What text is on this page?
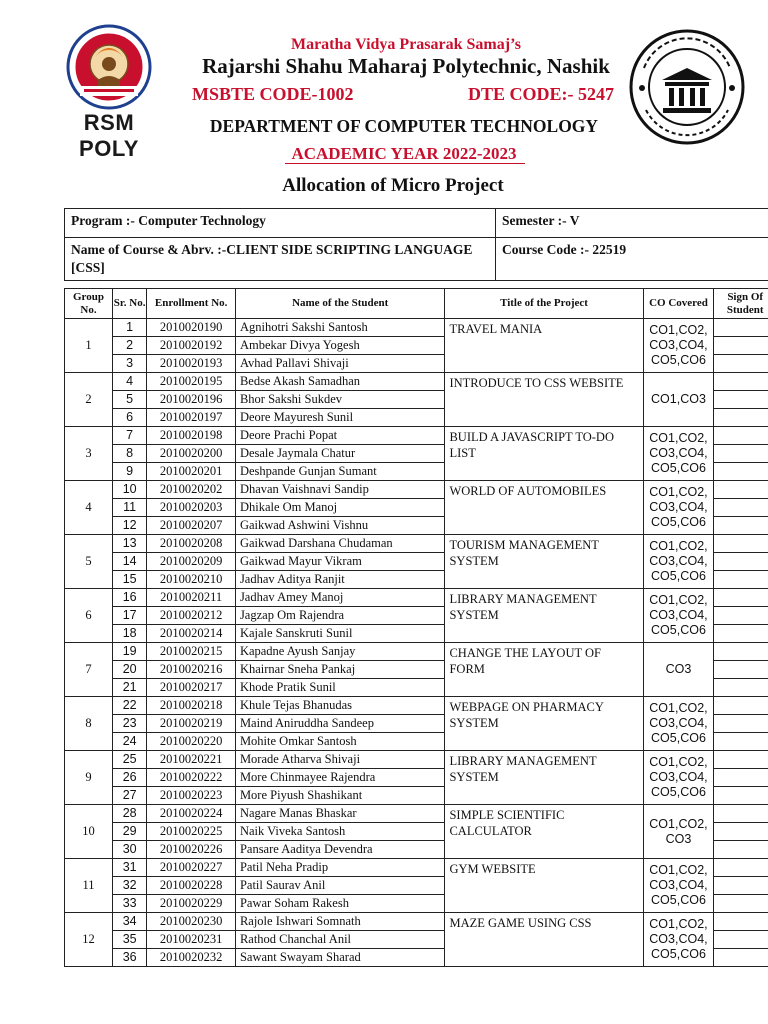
RSM POLY
Maratha Vidya Prasarak Samaj’s
Rajarshi Shahu Maharaj Polytechnic, Nashik
MSBTE CODE-1002	DTE CODE:- 5247
DEPARTMENT OF COMPUTER TECHNOLOGY
ACADEMIC YEAR 2022-2023
Allocation of Micro Project
Program :- Computer Technology	Semester :- V
Name of Course & Abrv. :-CLIENT SIDE SCRIPTING LANGUAGE [CSS]	Course Code :- 22519
Group No.	Sr. No.	Enrollment No.	Name of the Student	Title of the Project	CO Covered	Sign Of Student
1	1	2010020190	Agnihotri Sakshi Santosh	TRAVEL MANIA	CO1,CO2, CO3,CO4, CO5,CO6	
	2	2010020192	Ambekar Divya Yogesh			
	3	2010020193	Avhad Pallavi Shivaji			
2	4	2010020195	Bedse Akash Samadhan	INTRODUCE TO CSS WEBSITE	CO1,CO3	
	5	2010020196	Bhor Sakshi Sukdev			
	6	2010020197	Deore Mayuresh Sunil			
3	7	2010020198	Deore Prachi Popat	BUILD A JAVASCRIPT TO-DO LIST	CO1,CO2, CO3,CO4, CO5,CO6	
	8	2010020200	Desale Jaymala Chatur			
	9	2010020201	Deshpande Gunjan Sumant			
4	10	2010020202	Dhavan Vaishnavi Sandip	WORLD OF AUTOMOBILES	CO1,CO2, CO3,CO4, CO5,CO6	
	11	2010020203	Dhikale Om Manoj			
	12	2010020207	Gaikwad Ashwini Vishnu			
5	13	2010020208	Gaikwad Darshana Chudaman	TOURISM MANAGEMENT SYSTEM	CO1,CO2, CO3,CO4, CO5,CO6	
	14	2010020209	Gaikwad Mayur Vikram			
	15	2010020210	Jadhav Aditya Ranjit			
6	16	2010020211	Jadhav Amey Manoj	LIBRARY MANAGEMENT SYSTEM	CO1,CO2, CO3,CO4, CO5,CO6	
	17	2010020212	Jagzap Om Rajendra			
	18	2010020214	Kajale Sanskruti Sunil			
7	19	2010020215	Kapadne Ayush Sanjay	CHANGE THE LAYOUT OF FORM	CO3	
	20	2010020216	Khairnar Sneha Pankaj			
	21	2010020217	Khode Pratik Sunil			
8	22	2010020218	Khule Tejas Bhanudas	WEBPAGE ON PHARMACY SYSTEM	CO1,CO2, CO3,CO4, CO5,CO6	
	23	2010020219	Maind Aniruddha Sandeep			
	24	2010020220	Mohite Omkar Santosh			
9	25	2010020221	Morade Atharva Shivaji	LIBRARY MANAGEMENT SYSTEM	CO1,CO2, CO3,CO4, CO5,CO6	
	26	2010020222	More Chinmayee Rajendra			
	27	2010020223	More Piyush Shashikant			
10	28	2010020224	Nagare Manas Bhaskar	SIMPLE SCIENTIFIC CALCULATOR	CO1,CO2, CO3	
	29	2010020225	Naik Viveka Santosh			
	30	2010020226	Pansare Aaditya Devendra			
11	31	2010020227	Patil Neha Pradip	GYM WEBSITE	CO1,CO2, CO3,CO4, CO5,CO6	
	32	2010020228	Patil Saurav Anil			
	33	2010020229	Pawar Soham Rakesh			
12	34	2010020230	Rajole Ishwari Somnath	MAZE GAME USING CSS	CO1,CO2, CO3,CO4, CO5,CO6	
	35	2010020231	Rathod Chanchal Anil			
	36	2010020232	Sawant Swayam Sharad			
